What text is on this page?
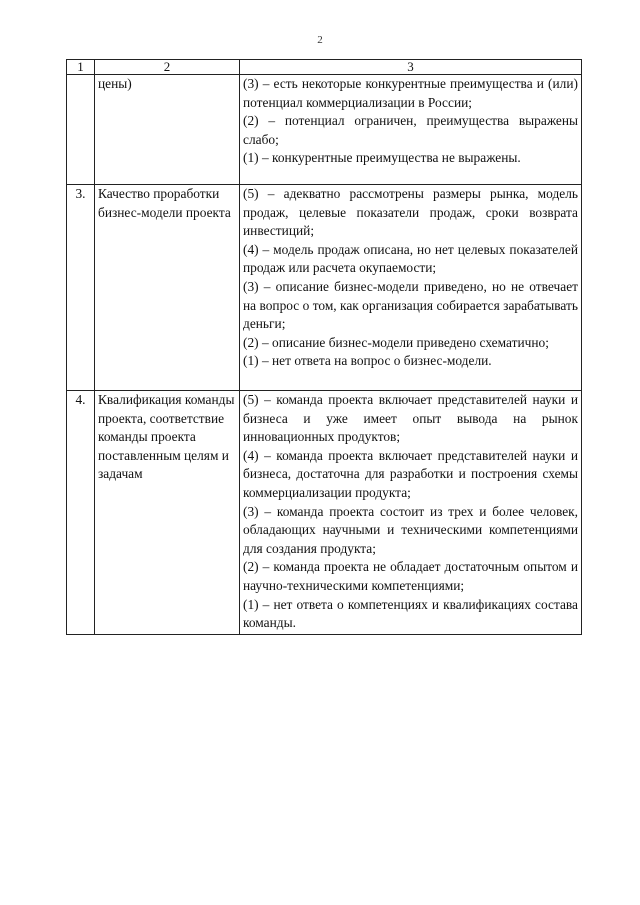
2
1	2	3
	цены)	(3) – есть некоторые конкурентные преимущества и (или) потенциал коммерциализации в России;
(2) – потенциал ограничен, преимущества выражены слабо;
(1) – конкурентные преимущества не выражены.

3.	Качество проработки бизнес-модели проекта	(5) – адекватно рассмотрены размеры рынка, модель продаж, целевые показатели продаж, сроки возврата инвестиций;
(4) – модель продаж описана, но нет целевых показателей продаж или расчета окупаемости;
(3) – описание бизнес-модели приведено, но не отвечает на вопрос о том, как организация собирается зарабатывать деньги;
(2) – описание бизнес-модели приведено схематично;
(1) – нет ответа на вопрос о бизнес-модели.

4.	Квалификация команды проекта, соответствие команды проекта поставленным целям и задачам	(5) – команда проекта включает представителей науки и бизнеса и уже имеет опыт вывода на рынок инновационных продуктов;
(4) – команда проекта включает представителей науки и бизнеса, достаточна для разработки и построения схемы коммерциализации продукта;
(3) – команда проекта состоит из трех и более человек, обладающих научными и техническими компетенциями для создания продукта;
(2) – команда проекта не обладает достаточным опытом и научно-техническими компетенциями;
(1) – нет ответа о компетенциях и квалификациях состава команды.
